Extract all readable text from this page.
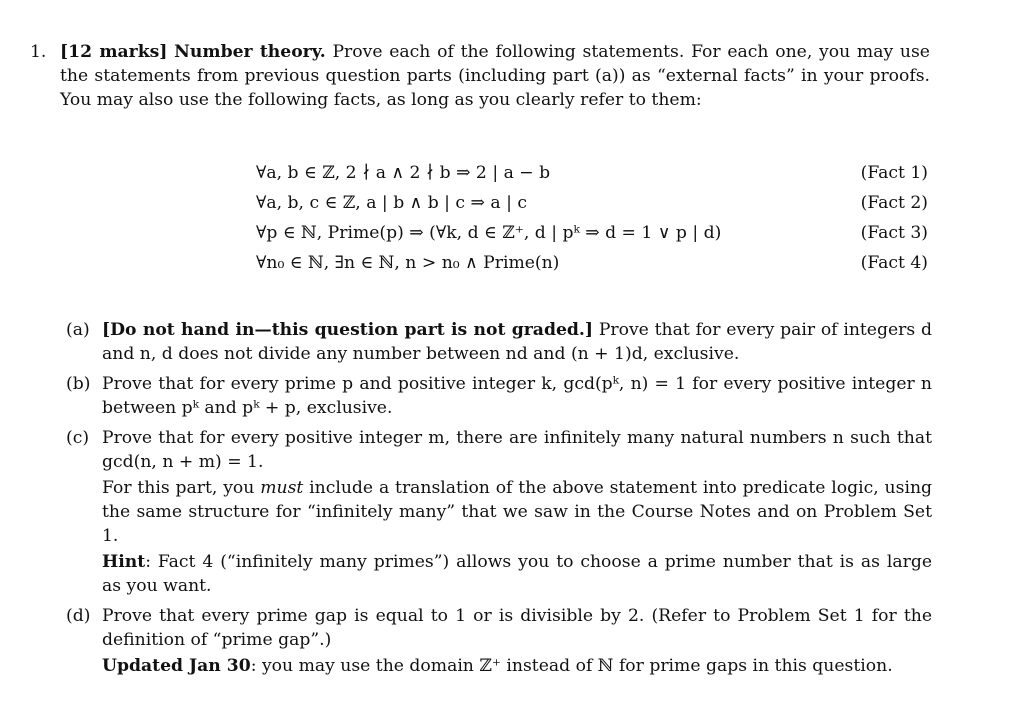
1. [12 marks] Number theory. Prove each of the following statements. For each one, you may use the statements from previous question parts (including part (a)) as “external facts” in your proofs. You may also use the following facts, as long as you clearly refer to them:
∀a, b ∈ ℤ, 2 ∤ a ∧ 2 ∤ b ⇒ 2 | a − b	(Fact 1)
∀a, b, c ∈ ℤ, a | b ∧ b | c ⇒ a | c	(Fact 2)
∀p ∈ ℕ, Prime(p) ⇒ (∀k, d ∈ ℤ⁺, d | pᵏ ⇒ d = 1 ∨ p | d)	(Fact 3)
∀n₀ ∈ ℕ, ∃n ∈ ℕ, n > n₀ ∧ Prime(n)	(Fact 4)
(a) [Do not hand in—this question part is not graded.] Prove that for every pair of integers d and n, d does not divide any number between nd and (n + 1)d, exclusive.
(b) Prove that for every prime p and positive integer k, gcd(pᵏ, n) = 1 for every positive integer n between pᵏ and pᵏ + p, exclusive.
(c) Prove that for every positive integer m, there are infinitely many natural numbers n such that gcd(n, n + m) = 1.

For this part, you must include a translation of the above statement into predicate logic, using the same structure for “infinitely many” that we saw in the Course Notes and on Problem Set 1.

Hint: Fact 4 (“infinitely many primes”) allows you to choose a prime number that is as large as you want.

(d) Prove that every prime gap is equal to 1 or is divisible by 2. (Refer to Problem Set 1 for the definition of “prime gap”.)

Updated Jan 30: you may use the domain ℤ⁺ instead of ℕ for prime gaps in this question.
